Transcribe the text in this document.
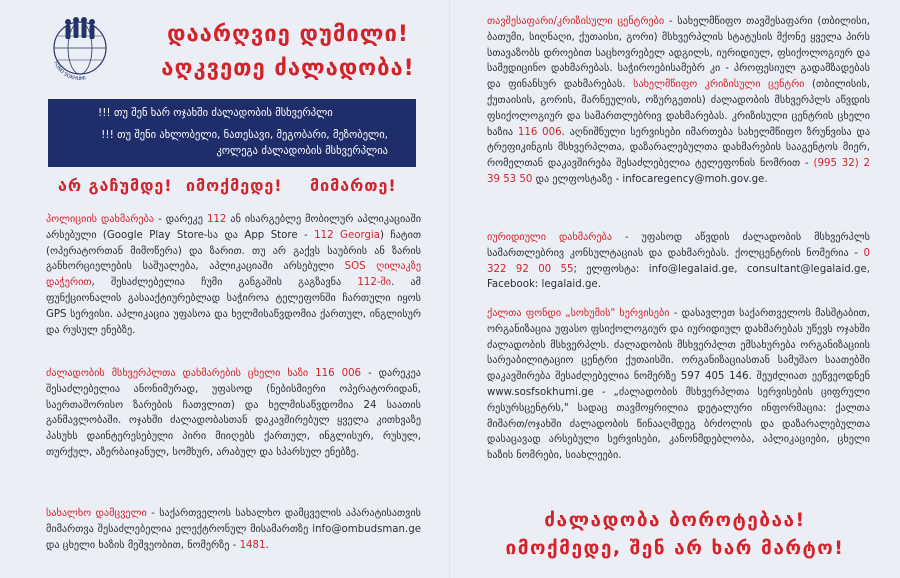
FUND SOKHUMI
დაარღვიე დუმილი!
აღკვეთე ძალადობა!
!!! თუ შენ ხარ ოჯახში ძალადობის მსხვერპლი
!!! თუ შენი ახლობელი, ნათესავი, მეგობარი, მეზობელი, კოლეგა ძალადობის მსხვერპლია
არ გაჩუმდე! იმოქმედე! მიმართე!
პოლიციის დახმარება - დარეკე 112 ან ისარგებლე მობილურ აპლიკაციაში არსებული (Google Play Store-სა და App Store - 112 Georgia) ჩატით (ოპერატორთან მიმოწერა) და ზარით. თუ არ გაქვს საუბრის ან ზარის განხორციელების საშუალება, აპლიკაციაში არსებული SOS ღილაკზე დაჭერით, შესაძლებელია ჩუმი განგაშის გაგზავნა 112-ში. ამ ფუნქციონალის გასააქტიურებლად საჭიროა ტელეფონში ჩართული იყოს GPS სერვისი. აპლიკაცია უფასოა და ხელმისაწვდომია ქართულ, ინგლისურ და რუსულ ენებზე.
ძალადობის მსხვერპლთა დახმარების ცხელი ხაზი 116 006 - დარეკეა შესაძლებელია ანონიმურად, უფასოდ (ნებისმიერი ოპერატორიდან, საერთაშორისო ზარების ჩათვლით) და ხელმისაწვდომია 24 საათის განმავლობაში. ოჯახში ძალადობასთან დაკავშირებულ ყველა კითხვაზე პასუხს დაინტერესებული პირი მიიღებს ქართულ, ინგლისურ, რუსულ, თურქულ, აზერბაიჯანულ, სომხურ, არაბულ და სპარსულ ენებზე.
სახალხო დამცველი - საქართველოს სახალხო დამცველის აპარატისათვის მიმართვა შესაძლებელია ელექტრონულ მისამართზე info@ombudsman.ge და ცხელი ხაზის მეშვეობით, ნომერზე - 1481.
თავშესაფარი/კრიზისული ცენტრები - სახელმწიფო თავშესაფარი (თბილისი, ბათუმი, სიღნაღი, ქუთაისი, გორი) მსხვერპლის სტატუსის მქონე ყველა პირს სთავაზობს დროებით საცხოვრებელ ადგილს, იურიდიულ, ფსიქოლოგიურ და სამედიცინო დახმარებას. საჭიროებისამებრ კი - პროფესიულ გადამზადებას და ფინანსურ დახმარებას. სახელმწიფო კრიზისული ცენტრი (თბილისის, ქუთაისის, გორის, მარნეულის, ოზურგეთის) ძალადობის მსხვერპლს აწვდის ფსიქოლოგიურ და სამართლებრივ დახმარებას. კრიზისული ცენტრის ცხელი ხაზია 116 006. აღნიშნული სერვისები იმართება სახელმწიფო ზრუნვისა და ტრეფიკინგის მსხვერპლთა, დაზარალებულთა დახმარების სააგენტოს მიერ, რომელთან დაკავშირება შესაძლებელია ტელეფონის ნომრით - (995 32) 2 39 53 50 და ელფოსტაზე - infocaregency@moh.gov.ge.
იურიდიული დახმარება - უფასოდ აწვდის ძალადობის მსხვერპლს სამართლებრივ კონსულტაციას და დახმარებას. ქოლცენტრის ნომერია - 0 322 92 00 55; ელფოსტა: info@legalaid.ge, consultant@legalaid.ge, Facebook: legalaid.ge.
ქალთა ფონდი „სოხუმის" სერვისები - დასავლეთ საქართველოს მასშტაბით, ორგანიზაცია უფასო ფსიქოლოგიურ და იურიდიულ დახმარებას უწევს ოჯახში ძალადობის მსხვერპლს. ძალადობის მსხვერპლთ ემსახურება ორგანიზაციის სარეაბილიტაციო ცენტრი ქუთაისში. ორგანიზაციასთან სამუშაო საათებში დაკავშირება შესაძლებელია ნომერზე 597 405 146. შეუძლიათ ეეწვეოდნენ www.sosfsokhumi.ge - „ძალადობის მსხვერპლთა სერვისების ციფრული რესურსცენტრს," სადაც თავმოყრილია დეტალური ინფორმაცია: ქალთა მიმართ/ოჯახში ძალადობის წინააღმდეგ ბრძოლის და დაზარალებულთა დასაცავად არსებული სერვისები, კანონმდებლობა, აპლიკაციები, ცხელი ხაზის ნომრები, სიახლეები.
ძალადობა ბოროტებაა!
იმოქმედე, შენ არ ხარ მარტო!
